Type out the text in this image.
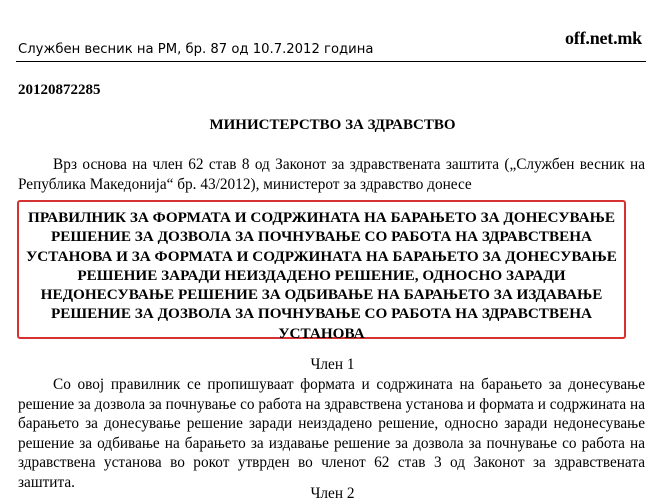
Службен весник на РМ, бр. 87 од 10.7.2012 година
off.net.mk
20120872285
МИНИСТЕРСТВО ЗА ЗДРАВСТВО
Врз основа на член 62 став 8 од Законот за здравствената заштита („Службен весник на Република Македонија“ бр. 43/2012), министерот за здравство донесе
ПРАВИЛНИК ЗА ФОРМАТА И СОДРЖИНАТА НА БАРАЊЕТО ЗА ДОНЕСУВАЊЕ РЕШЕНИЕ ЗА ДОЗВОЛА ЗА ПОЧНУВАЊЕ СО РАБОТА НА ЗДРАВСТВЕНА УСТАНОВА И ЗА ФОРМАТА И СОДРЖИНАТА НА БАРАЊЕТО ЗА ДОНЕСУВАЊЕ РЕШЕНИЕ ЗАРАДИ НЕИЗДАДЕНО РЕШЕНИЕ, ОДНОСНО ЗАРАДИ НЕДОНЕСУВАЊЕ РЕШЕНИЕ ЗА ОДБИВАЊЕ НА БАРАЊЕТО ЗА ИЗДАВАЊЕ РЕШЕНИЕ ЗА ДОЗВОЛА ЗА ПОЧНУВАЊЕ СО РАБОТА НА ЗДРАВСТВЕНА УСТАНОВА
Член 1
Со овој правилник се пропишуваат формата и содржината на барањето за донесување решение за дозвола за почнување со работа на здравствена установа и формата и содржината на барањето за донесување решение заради неиздадено решение, односно заради недонесување решение за одбивање на барањето за издавање решение за дозвола за почнување со работа на здравствена установа во рокот утврден во членот 62 став 3 од Законот за здравствената заштита.
Член 2
